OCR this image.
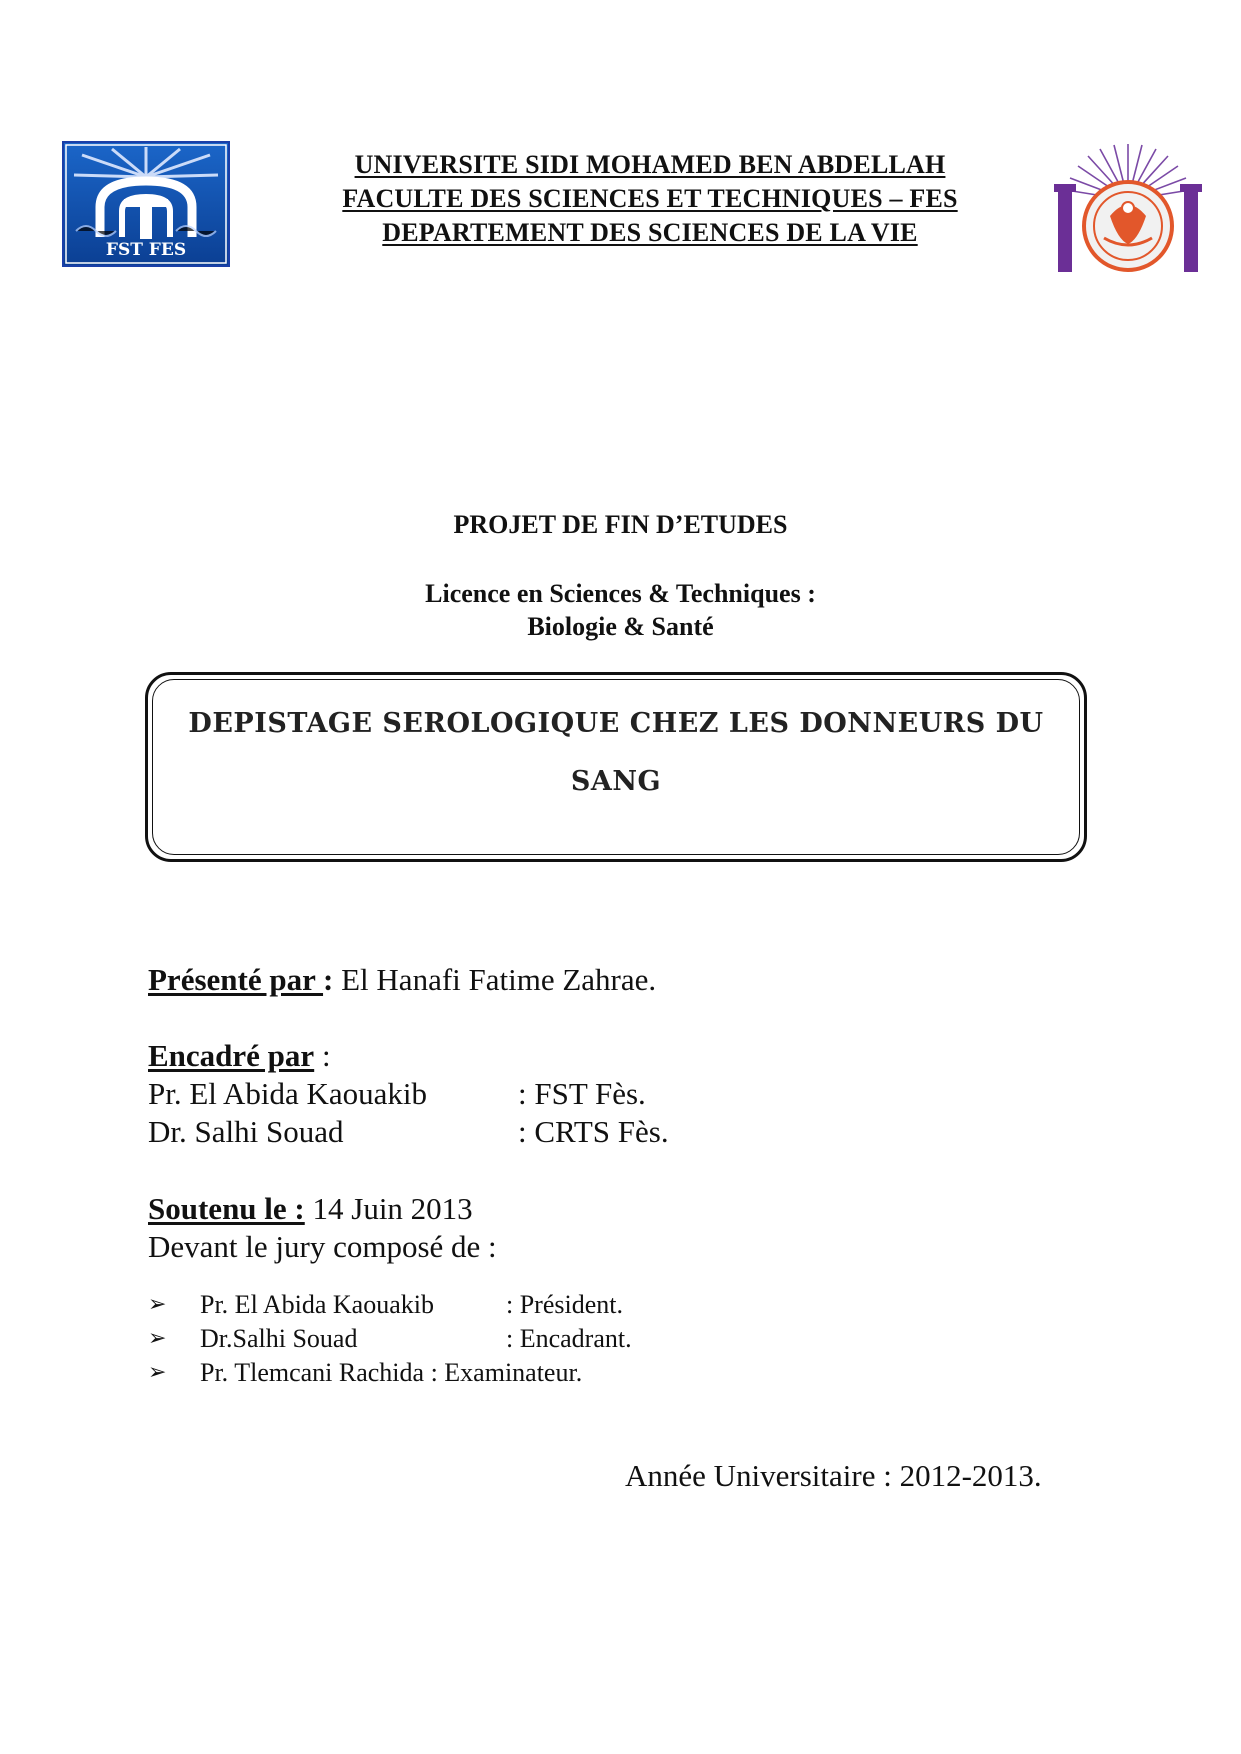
FST FES
UNIVERSITE SIDI MOHAMED BEN ABDELLAH
FACULTE DES SCIENCES ET TECHNIQUES – FES
DEPARTEMENT DES SCIENCES DE LA VIE
PROJET DE FIN D’ETUDES
Licence en Sciences & Techniques :
Biologie & Santé
DEPISTAGE SEROLOGIQUE CHEZ LES DONNEURS DU
SANG
Présenté par : El Hanafi Fatime Zahrae.
Encadré par :
Pr. El Abida Kaouakib	: FST Fès.
Dr. Salhi Souad	: CRTS Fès.
Soutenu le : 14 Juin 2013
Devant le jury composé de :
➢ Pr. El Abida Kaouakib	: Président.
➢ Dr.Salhi Souad	: Encadrant.
➢ Pr. Tlemcani Rachida : Examinateur.
Année Universitaire : 2012-2013.
